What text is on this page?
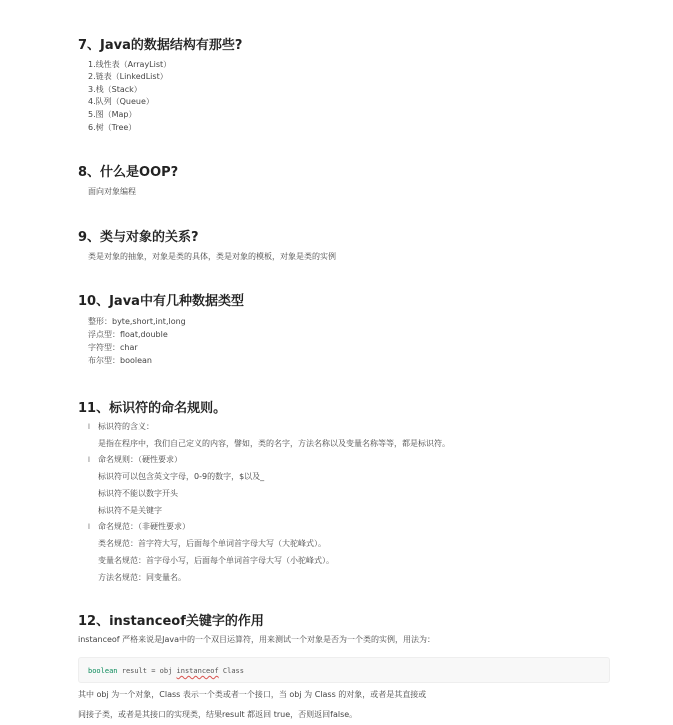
7、Java的数据结构有那些?
1.线性表（ArrayList）
2.链表（LinkedList）
3.栈（Stack）
4.队列（Queue）
5.图（Map）
6.树（Tree）
8、什么是OOP?
面向对象编程
9、类与对象的关系?
类是对象的抽象，对象是类的具体，类是对象的模板，对象是类的实例
10、Java中有几种数据类型
整形：byte,short,int,long
浮点型：float,double
字符型：char
布尔型：boolean
11、标识符的命名规则。
l 标识符的含义：
是指在程序中，我们自己定义的内容，譬如，类的名字，方法名称以及变量名称等等，都是标识符。
l 命名规则：（硬性要求）
标识符可以包含英文字母，0-9的数字，$以及_
标识符不能以数字开头
标识符不是关键字
l 命名规范：（非硬性要求）
类名规范：首字符大写，后面每个单词首字母大写（大驼峰式）。
变量名规范：首字母小写，后面每个单词首字母大写（小驼峰式）。
方法名规范：同变量名。
12、instanceof关键字的作用
instanceof 严格来说是Java中的一个双目运算符，用来测试一个对象是否为一个类的实例，用法为：
boolean result = obj instanceof Class
其中 obj 为一个对象，Class 表示一个类或者一个接口，当 obj 为 Class 的对象，或者是其直接或
间接子类，或者是其接口的实现类，结果result 都返回 true，否则返回false。
